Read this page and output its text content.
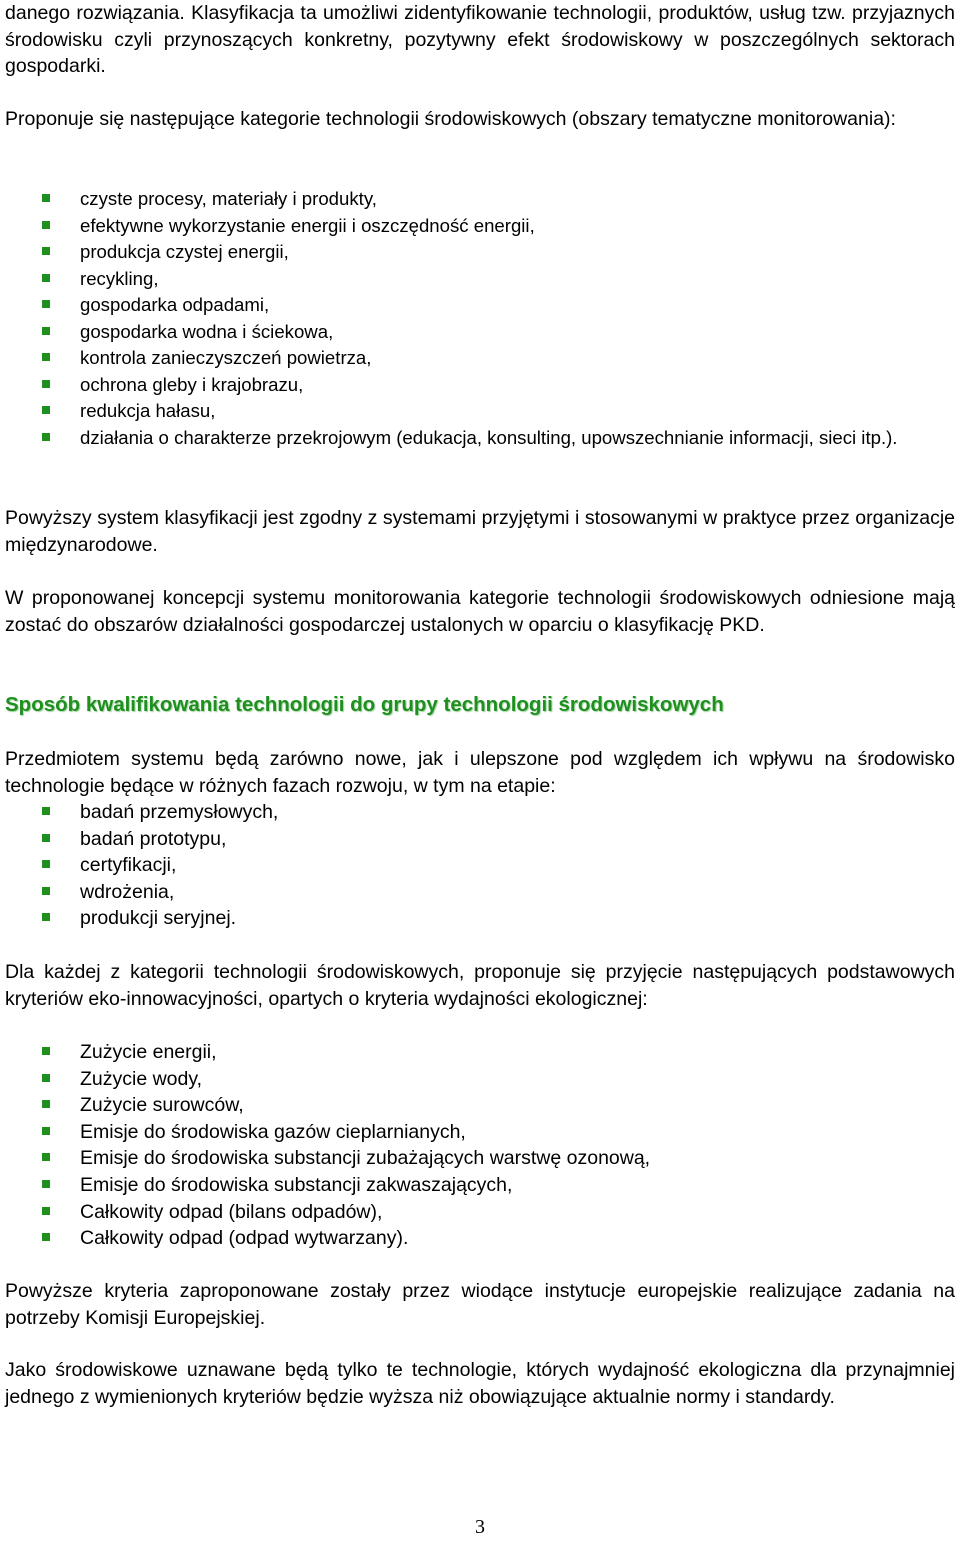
danego rozwiązania. Klasyfikacja ta umożliwi zidentyfikowanie technologii, produktów, usług tzw. przyjaznych środowisku czyli przynoszących konkretny, pozytywny efekt środowiskowy w poszczególnych sektorach gospodarki.

Proponuje się następujące kategorie technologii środowiskowych (obszary tematyczne monitorowania):

czyste procesy, materiały i produkty,
efektywne wykorzystanie energii i oszczędność energii,
produkcja czystej energii,
recykling,
gospodarka odpadami,
gospodarka wodna i ściekowa,
kontrola zanieczyszczeń powietrza,
ochrona gleby i krajobrazu,
redukcja hałasu,
działania o charakterze przekrojowym (edukacja, konsulting, upowszechnianie informacji, sieci itp.).

Powyższy system klasyfikacji jest zgodny z systemami przyjętymi i stosowanymi w praktyce przez organizacje międzynarodowe.

W proponowanej koncepcji systemu monitorowania kategorie technologii środowiskowych odniesione mają zostać do obszarów działalności gospodarczej ustalonych w oparciu o klasyfikację PKD.

Sposób kwalifikowania technologii do grupy technologii środowiskowych

Przedmiotem systemu będą zarówno nowe, jak i ulepszone pod względem ich wpływu na środowisko technologie będące w różnych fazach rozwoju, w tym na etapie:

badań przemysłowych,
badań prototypu,
certyfikacji,
wdrożenia,
produkcji seryjnej.

Dla każdej z kategorii technologii środowiskowych, proponuje się przyjęcie następujących podstawowych kryteriów eko-innowacyjności, opartych o kryteria wydajności ekologicznej:

Zużycie energii,
Zużycie wody,
Zużycie surowców,
Emisje do środowiska gazów cieplarnianych,
Emisje do środowiska substancji zubażających warstwę ozonową,
Emisje do środowiska substancji zakwaszających,
Całkowity odpad (bilans odpadów),
Całkowity odpad (odpad wytwarzany).

Powyższe kryteria zaproponowane zostały przez wiodące instytucje europejskie realizujące zadania na potrzeby Komisji Europejskiej.

Jako środowiskowe uznawane będą tylko te technologie, których wydajność ekologiczna dla przynajmniej jednego z wymienionych kryteriów będzie wyższa niż obowiązujące aktualnie normy i standardy.

3
